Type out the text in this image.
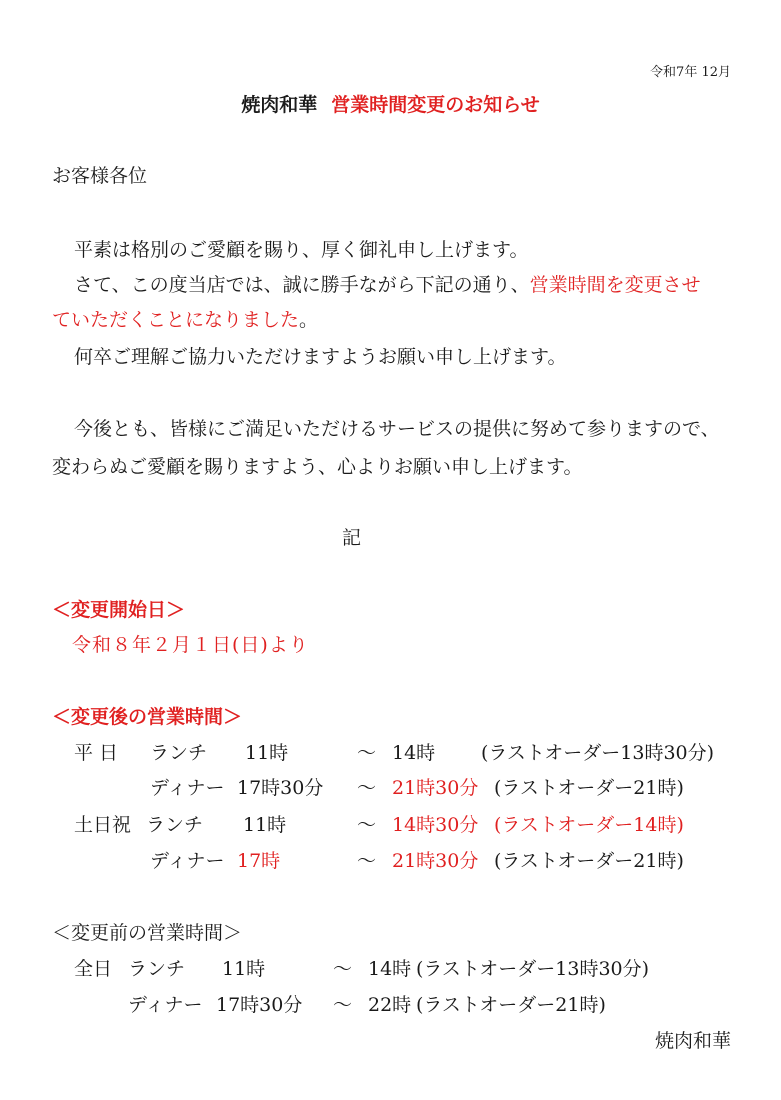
令和7年 12月
焼肉和華 営業時間変更のお知らせ
お客様各位
平素は格別のご愛顧を賜り、厚く御礼申し上げます。
さて、この度当店では、誠に勝手ながら下記の通り、営業時間を変更させ
ていただくことになりました。
何卒ご理解ご協力いただけますようお願い申し上げます。
今後とも、皆様にご満足いただけるサービスの提供に努めて参りますので、
変わらぬご愛顧を賜りますよう、心よりお願い申し上げます。
記
＜変更開始日＞
令和８年２月１日(日)より
＜変更後の営業時間＞
平日 ランチ 11時	～ 14時 (ラストオーダー13時30分)
ディナー 17時30分 ～ 21時30分 (ラストオーダー21時)
土日祝 ランチ 11時	～ 14時30分 (ラストオーダー14時)
ディナー 17時	～ 21時30分 (ラストオーダー21時)
＜変更前の営業時間＞
全日 ランチ 11時	～ 14時 (ラストオーダー13時30分)
ディナー 17時30分 ～ 22時 (ラストオーダー21時)
焼肉和華
